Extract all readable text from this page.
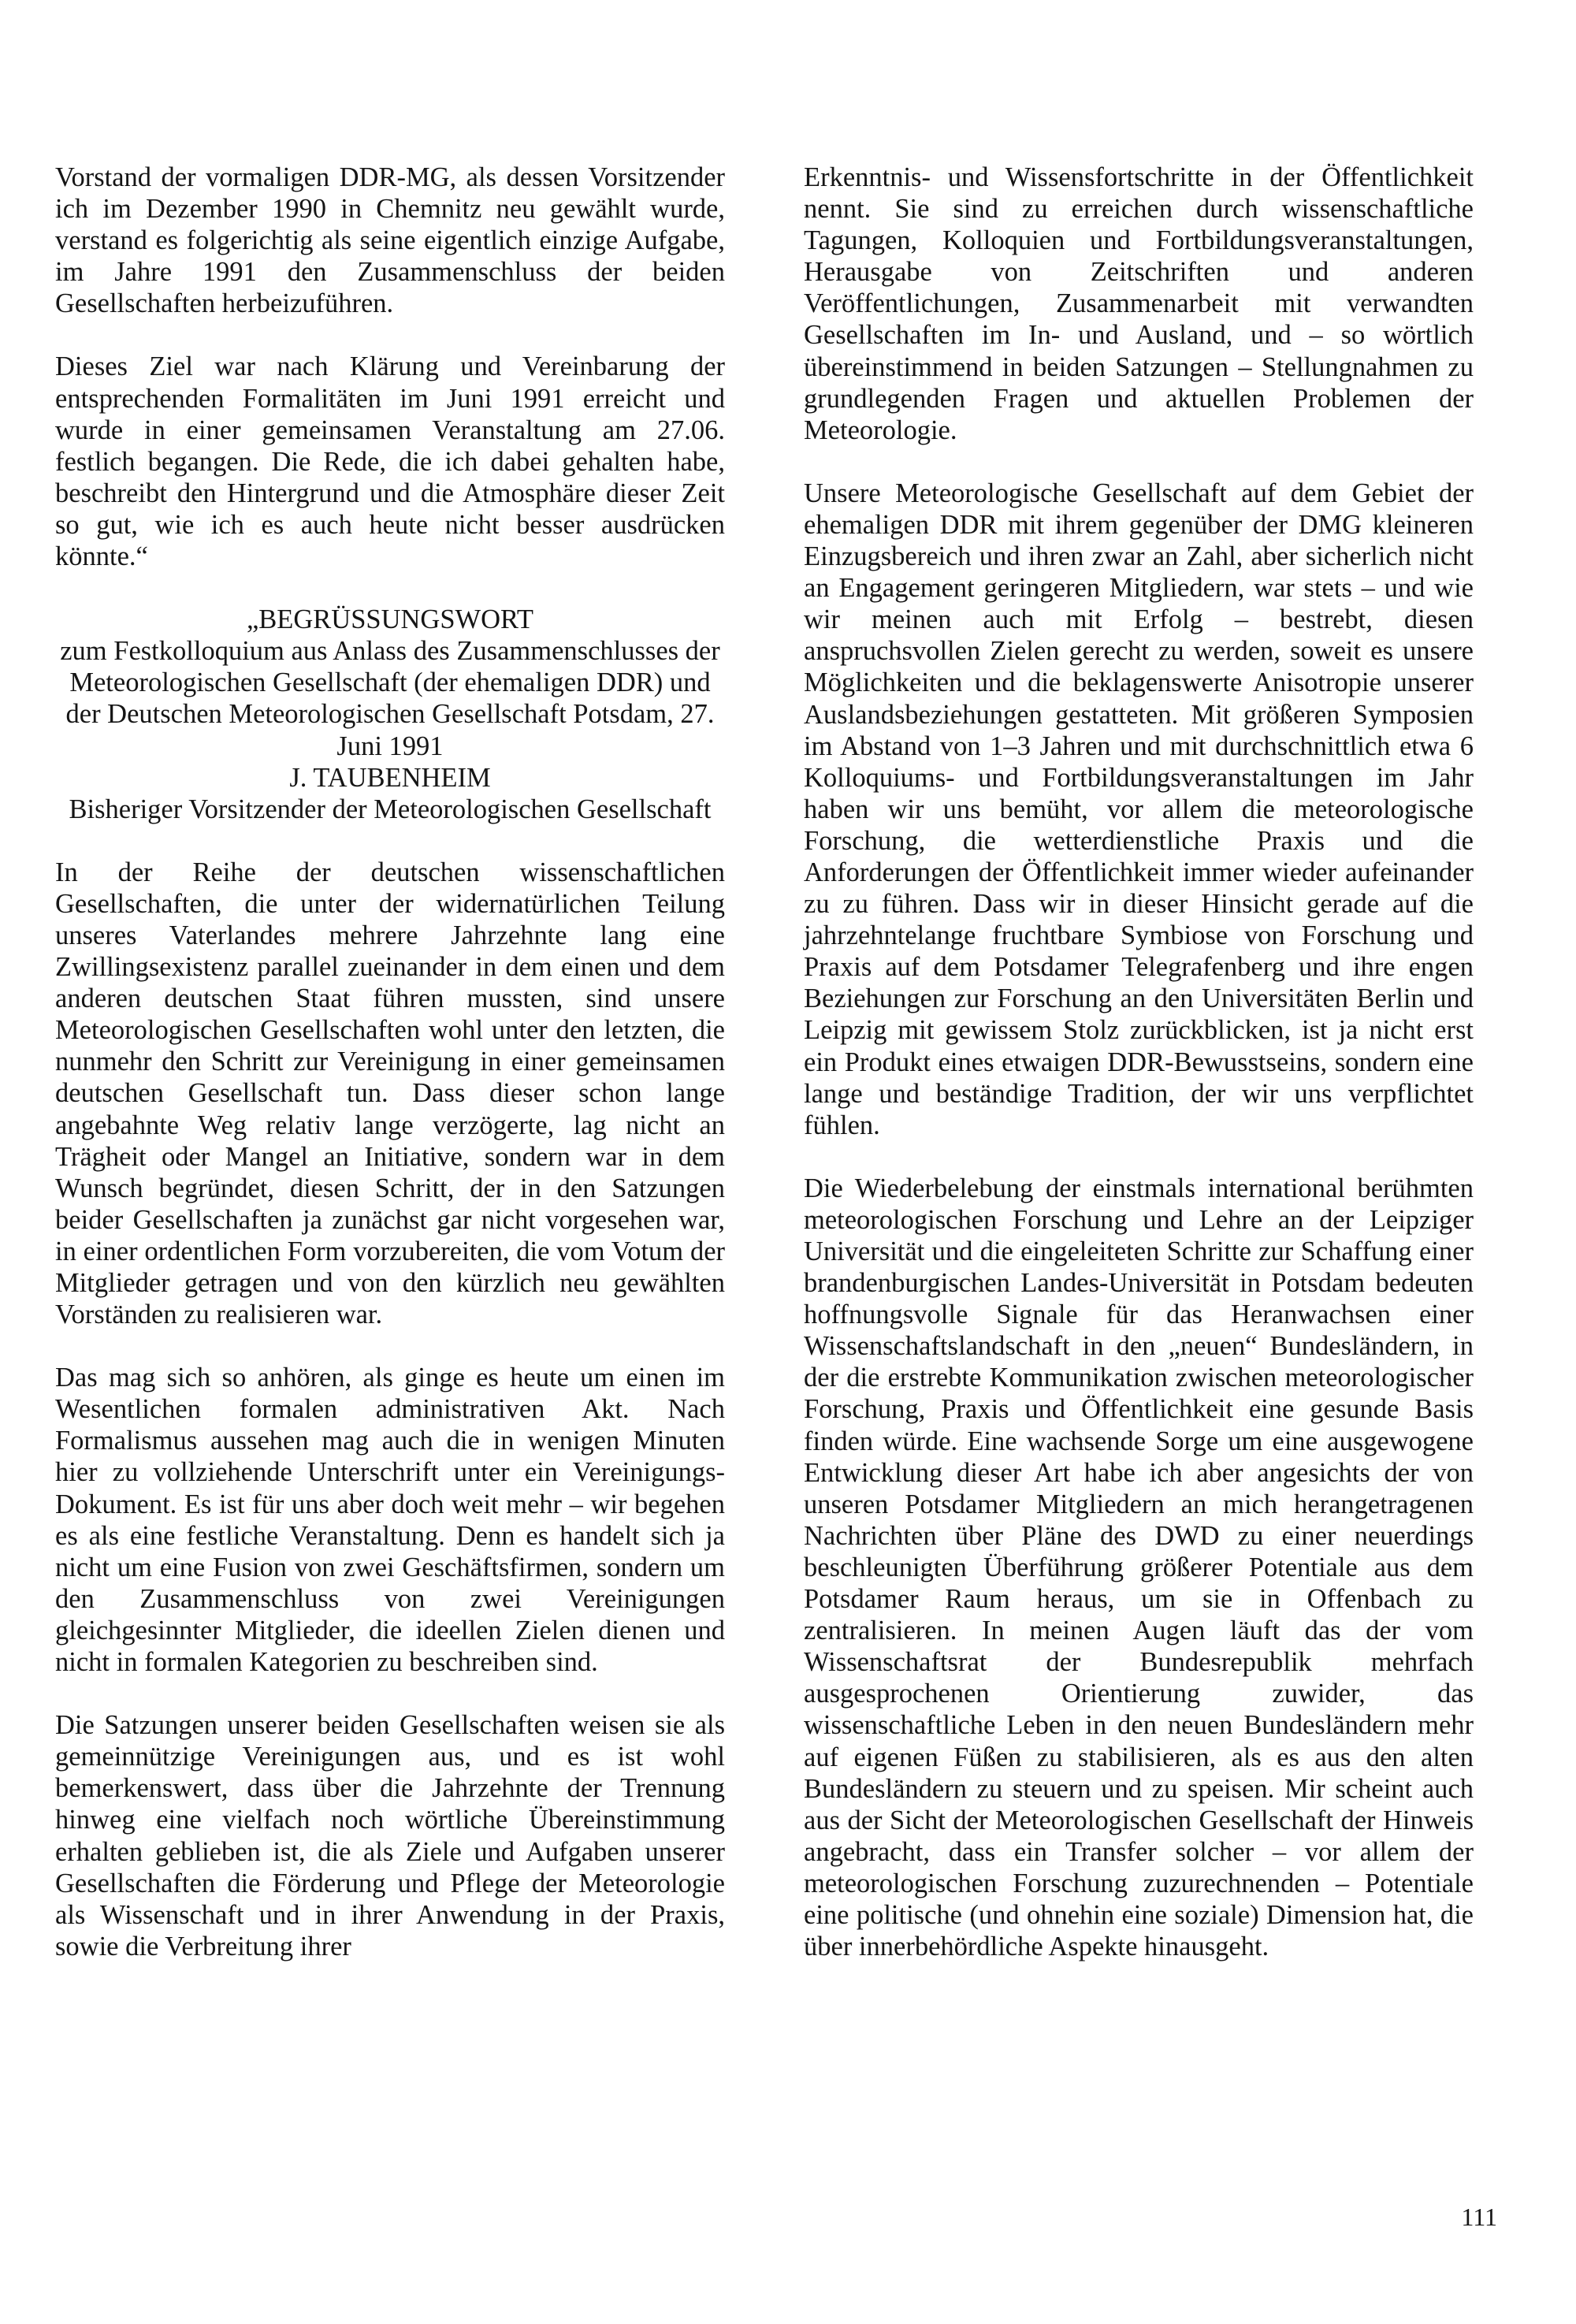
Vorstand der vormaligen DDR-MG, als dessen Vorsitzender ich im Dezember 1990 in Chemnitz neu gewählt wurde, verstand es folgerichtig als seine eigentlich einzige Aufgabe, im Jahre 1991 den Zusammenschluss der beiden Gesellschaften herbeizuführen.

Dieses Ziel war nach Klärung und Vereinbarung der entsprechenden Formalitäten im Juni 1991 erreicht und wurde in einer gemeinsamen Veranstaltung am 27.06. festlich begangen. Die Rede, die ich dabei gehalten habe, beschreibt den Hintergrund und die Atmosphäre dieser Zeit so gut, wie ich es auch heute nicht besser ausdrücken könnte.“

„BEGRÜSSUNGSWORT
zum Festkolloquium aus Anlass des Zusammenschlusses der Meteorologischen Gesellschaft (der ehemaligen DDR) und der Deutschen Meteorologischen Gesellschaft Potsdam, 27. Juni 1991
J. TAUBENHEIM
Bisheriger Vorsitzender der Meteorologischen Gesellschaft

In der Reihe der deutschen wissenschaftlichen Gesellschaften, die unter der widernatürlichen Teilung unseres Vaterlandes mehrere Jahrzehnte lang eine Zwillingsexistenz parallel zueinander in dem einen und dem anderen deutschen Staat führen mussten, sind unsere Meteorologischen Gesellschaften wohl unter den letzten, die nunmehr den Schritt zur Vereinigung in einer gemeinsamen deutschen Gesellschaft tun. Dass dieser schon lange angebahnte Weg relativ lange verzögerte, lag nicht an Trägheit oder Mangel an Initiative, sondern war in dem Wunsch begründet, diesen Schritt, der in den Satzungen beider Gesellschaften ja zunächst gar nicht vorgesehen war, in einer ordentlichen Form vorzubereiten, die vom Votum der Mitglieder getragen und von den kürzlich neu gewählten Vorständen zu realisieren war.

Das mag sich so anhören, als ginge es heute um einen im Wesentlichen formalen administrativen Akt. Nach Formalismus aussehen mag auch die in wenigen Minuten hier zu vollziehende Unterschrift unter ein Vereinigungs-Dokument. Es ist für uns aber doch weit mehr – wir begehen es als eine festliche Veranstaltung. Denn es handelt sich ja nicht um eine Fusion von zwei Geschäftsfirmen, sondern um den Zusammenschluss von zwei Vereinigungen gleichgesinnter Mitglieder, die ideellen Zielen dienen und nicht in formalen Kategorien zu beschreiben sind.

Die Satzungen unserer beiden Gesellschaften weisen sie als gemeinnützige Vereinigungen aus, und es ist wohl bemerkenswert, dass über die Jahrzehnte der Trennung hinweg eine vielfach noch wörtliche Übereinstimmung erhalten geblieben ist, die als Ziele und Aufgaben unserer Gesellschaften die Förderung und Pflege der Meteorologie als Wissenschaft und in ihrer Anwendung in der Praxis, sowie die Verbreitung ihrer

Erkenntnis- und Wissensfortschritte in der Öffentlichkeit nennt. Sie sind zu erreichen durch wissenschaftliche Tagungen, Kolloquien und Fortbildungsveranstaltungen, Herausgabe von Zeitschriften und anderen Veröffentlichungen, Zusammenarbeit mit verwandten Gesellschaften im In- und Ausland, und – so wörtlich übereinstimmend in beiden Satzungen – Stellungnahmen zu grundlegenden Fragen und aktuellen Problemen der Meteorologie.

Unsere Meteorologische Gesellschaft auf dem Gebiet der ehemaligen DDR mit ihrem gegenüber der DMG kleineren Einzugsbereich und ihren zwar an Zahl, aber sicherlich nicht an Engagement geringeren Mitgliedern, war stets – und wie wir meinen auch mit Erfolg – bestrebt, diesen anspruchsvollen Zielen gerecht zu werden, soweit es unsere Möglichkeiten und die beklagenswerte Anisotropie unserer Auslandsbeziehungen gestatteten. Mit größeren Symposien im Abstand von 1–3 Jahren und mit durchschnittlich etwa 6 Kolloquiums- und Fortbildungsveranstaltungen im Jahr haben wir uns bemüht, vor allem die meteorologische Forschung, die wetterdienstliche Praxis und die Anforderungen der Öffentlichkeit immer wieder aufeinander zu zu führen. Dass wir in dieser Hinsicht gerade auf die jahrzehntelange fruchtbare Symbiose von Forschung und Praxis auf dem Potsdamer Telegrafenberg und ihre engen Beziehungen zur Forschung an den Universitäten Berlin und Leipzig mit gewissem Stolz zurückblicken, ist ja nicht erst ein Produkt eines etwaigen DDR-Bewusstseins, sondern eine lange und beständige Tradition, der wir uns verpflichtet fühlen.

Die Wiederbelebung der einstmals international berühmten meteorologischen Forschung und Lehre an der Leipziger Universität und die eingeleiteten Schritte zur Schaffung einer brandenburgischen Landes-Universität in Potsdam bedeuten hoffnungsvolle Signale für das Heranwachsen einer Wissenschaftslandschaft in den „neuen“ Bundesländern, in der die erstrebte Kommunikation zwischen meteorologischer Forschung, Praxis und Öffentlichkeit eine gesunde Basis finden würde. Eine wachsende Sorge um eine ausgewogene Entwicklung dieser Art habe ich aber angesichts der von unseren Potsdamer Mitgliedern an mich herangetragenen Nachrichten über Pläne des DWD zu einer neuerdings beschleunigten Überführung größerer Potentiale aus dem Potsdamer Raum heraus, um sie in Offenbach zu zentralisieren. In meinen Augen läuft das der vom Wissenschaftsrat der Bundesrepublik mehrfach ausgesprochenen Orientierung zuwider, das wissenschaftliche Leben in den neuen Bundesländern mehr auf eigenen Füßen zu stabilisieren, als es aus den alten Bundesländern zu steuern und zu speisen. Mir scheint auch aus der Sicht der Meteorologischen Gesellschaft der Hinweis angebracht, dass ein Transfer solcher – vor allem der meteorologischen Forschung zuzurechnenden – Potentiale eine politische (und ohnehin eine soziale) Dimension hat, die über innerbehördliche Aspekte hinausgeht.

111
